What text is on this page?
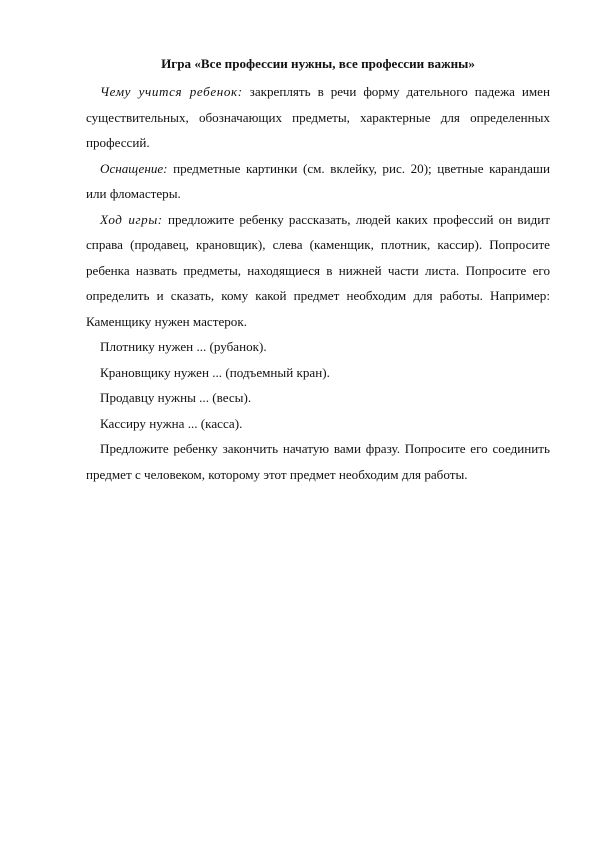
Игра «Все профессии нужны, все профессии важны»

Чему учится ребенок: закреплять в речи форму дательного падежа имен существительных, обозначающих предметы, характерные для определенных профессий.

Оснащение: предметные картинки (см. вклейку, рис. 20); цветные карандаши или фломастеры.

Ход игры: предложите ребенку рассказать, людей каких профессий он видит справа (продавец, крановщик), слева (каменщик, плотник, кассир). Попросите ребенка назвать предметы, находящиеся в нижней части листа. Попросите его определить и сказать, кому какой предмет необходим для работы. Например: Каменщику нужен мастерок.

Плотнику нужен ... (рубанок).

Крановщику нужен ... (подъемный кран).

Продавцу нужны ... (весы).

Кассиру нужна ... (касса).

Предложите ребенку закончить начатую вами фразу. Попросите его соединить предмет с человеком, которому этот предмет необходим для работы.
